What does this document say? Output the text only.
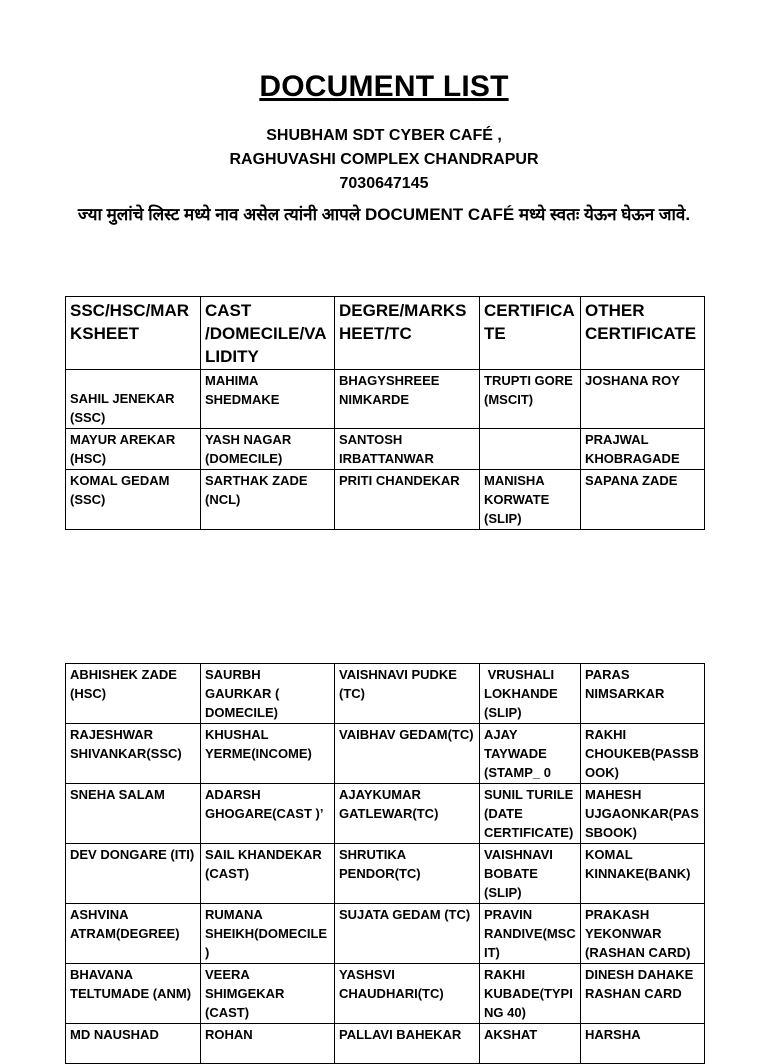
DOCUMENT LIST
SHUBHAM SDT CYBER CAFÉ ,
RAGHUVASHI COMPLEX CHANDRAPUR
7030647145
ज्या मुलांचे लिस्ट मध्ये नाव असेल त्यांनी आपले DOCUMENT CAFÉ मध्ये स्वतः येऊन घेऊन जावे.
SSC/HSC/MARKSHEET	CAST /DOMECILE/VALIDITY	DEGRE/MARKSHEET/TC	CERTIFICATE	OTHER CERTIFICATE
SAHIL JENEKAR (SSC)	MAHIMA SHEDMAKE	BHAGYSHREEE NIMKARDE	TRUPTI GORE (MSCIT)	JOSHANA ROY
MAYUR AREKAR (HSC)	YASH NAGAR (DOMECILE)	SANTOSH IRBATTANWAR		PRAJWAL KHOBRAGADE
KOMAL GEDAM (SSC)	SARTHAK ZADE (NCL)	PRITI CHANDEKAR	MANISHA KORWATE (SLIP)	SAPANA ZADE
ABHISHEK ZADE (HSC)	SAURBH GAURKAR ( DOMECILE)	VAISHNAVI PUDKE (TC)	VRUSHALI LOKHANDE (SLIP)	PARAS NIMSARKAR
RAJESHWAR SHIVANKAR(SSC)	KHUSHAL YERME(INCOME)	VAIBHAV GEDAM(TC)	AJAY TAYWADE (STAMP_ 0	RAKHI CHOUKEB(PASSBOOK)
SNEHA SALAM	ADARSH GHOGARE(CAST )’	AJAYKUMAR GATLEWAR(TC)	SUNIL TURILE (DATE CERTIFICATE)	MAHESH UJGAONKAR(PASSBOOK)
DEV DONGARE (ITI)	SAIL KHANDEKAR (CAST)	SHRUTIKA PENDOR(TC)	VAISHNAVI BOBATE (SLIP)	KOMAL KINNAKE(BANK)
ASHVINA ATRAM(DEGREE)	RUMANA SHEIKH(DOMECILE)	SUJATA GEDAM (TC)	PRAVIN RANDIVE(MSCIT)	PRAKASH YEKONWAR (RASHAN CARD)
BHAVANA TELTUMADE (ANM)	VEERA SHIMGEKAR (CAST)	YASHSVI CHAUDHARI(TC)	RAKHI KUBADE(TYPING 40)	DINESH DAHAKE RASHAN CARD
MD NAUSHAD	ROHAN	PALLAVI BAHEKAR	AKSHAT	HARSHA
